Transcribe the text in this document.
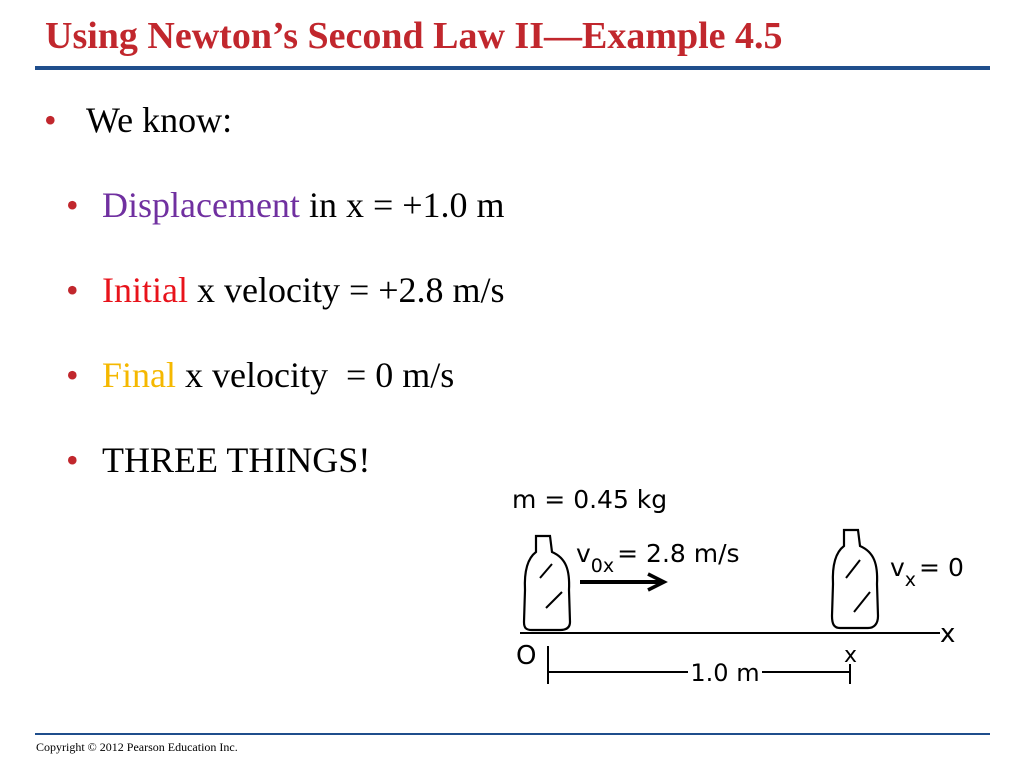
Using Newton’s Second Law II—Example 4.5
• We know:
• Displacement in x = +1.0 m
• Initial x velocity = +2.8 m/s
• Final x velocity  = 0 m/s
• THREE THINGS!
m = 0.45 kg
$v_{0x} = 2.8$ m/s	$v_x = 0$
x
O	x
1.0 m
Copyright © 2012 Pearson Education Inc.
